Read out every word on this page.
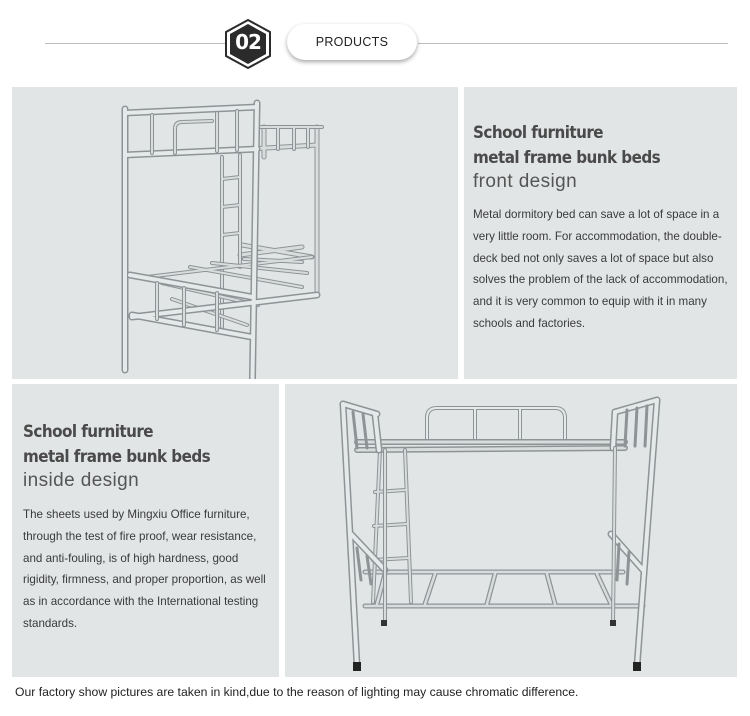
02	PRODUCTS
School furniture
metal frame bunk beds
front design
Metal dormitory bed can save a lot of space in a very little room. For accommodation, the double-deck bed not only saves a lot of space but also solves the problem of the lack of accommodation, and it is very common to equip with it in many schools and factories.
School furniture
metal frame bunk beds
inside design
The sheets used by Mingxiu Office furniture, through the test of fire proof, wear resistance, and anti-fouling, is of high hardness, good rigidity, firmness, and proper proportion, as well as in accordance with the International testing standards.
Our factory show pictures are taken in kind,due to the reason of lighting may cause chromatic difference.
